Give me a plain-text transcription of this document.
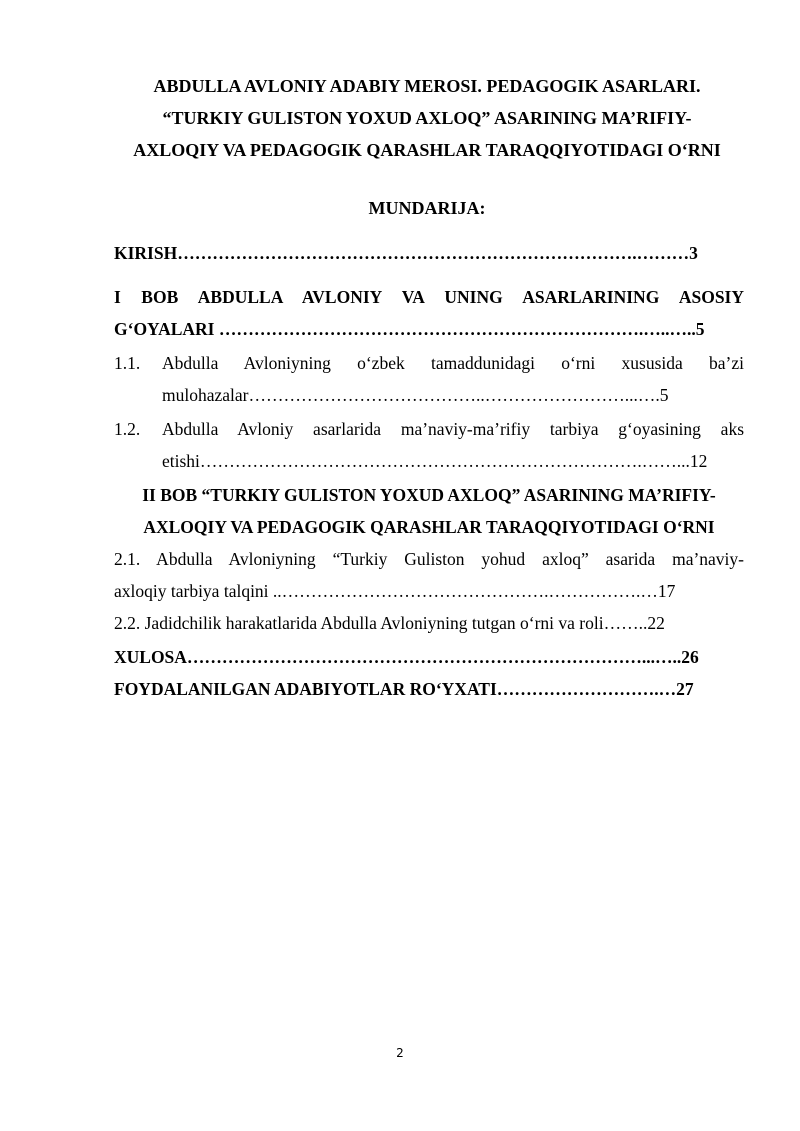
ABDULLA AVLONIY ADABIY MEROSI. PEDAGOGIK ASARLARI.
“TURKIY GULISTON YOXUD AXLOQ” ASARINING MA’RIFIY-
AXLOQIY VA PEDAGOGIK QARASHLAR TARAQQIYOTIDAGI O‘RNI
MUNDARIJA:
KIRISH…………………………………………………………………….………3
I BOB ABDULLA AVLONIY VA UNING ASARLARINING ASOSIY
G‘OYALARI ……………………………………………………………….…..…..5
1.1. Abdulla Avloniyning o‘zbek tamaddunidagi o‘rni xususida ba’zi
mulohazalar…………………………………..……………………...….5
1.2. Abdulla Avloniy asarlarida ma’naviy-ma’rifiy tarbiya g‘oyasining aks
etishi………………………………………………………………….……...12
II BOB “TURKIY GULISTON YOXUD AXLOQ” ASARINING MA’RIFIY-
AXLOQIY VA PEDAGOGIK QARASHLAR TARAQQIYOTIDAGI O‘RNI
2.1. Abdulla Avloniyning “Turkiy Guliston yohud axloq” asarida ma’naviy-
axloqiy tarbiya talqini ..……………………………………….…………….…17
2.2. Jadidchilik harakatlarida Abdulla Avloniyning tutgan o‘rni va roli……..22
XULOSA……………………………………………………………………...…..26
FOYDALANILGAN ADABIYOTLAR RO‘YXATI……………………….…27
2
